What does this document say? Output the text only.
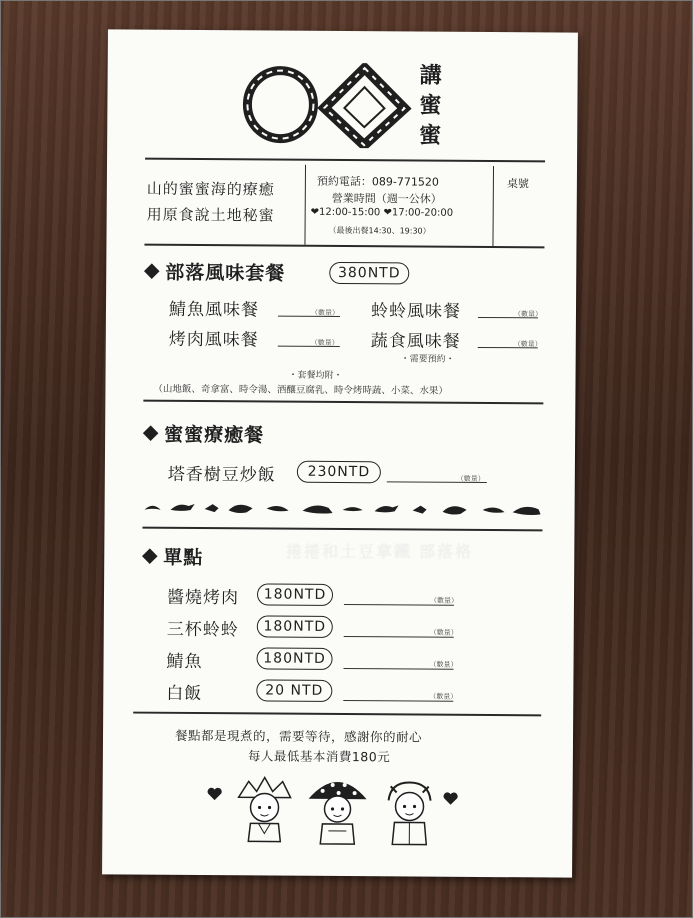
講蜜蜜
山的蜜蜜海的療癒
用原食說土地秘蜜
預約電話：089-771520
營業時間（週一公休）
❤12:00-15:00 ❤17:00-20:00
（最後出餐14:30、19:30）
桌號
部落風味套餐	380NTD
鯖魚風味餐	（數量） 蛉蛉風味餐	（數量）
烤肉風味餐	（數量） 蔬食風味餐	（數量）
・需要預約・
・套餐均附・
（山地飯、奇拿富、時令湯、酒釀豆腐乳、時令烤時蔬、小菜、水果）
蜜蜜療癒餐
塔香樹豆炒飯	230NTD	（數量）
單點
醬燒烤肉	180NTD	（數量）
三杯蛉蛉	180NTD	（數量）
鯖魚	180NTD	（數量）
白飯	20 NTD	（數量）
餐點都是現煮的，需要等待，感謝你的耐心
每人最低基本消費180元
捲捲和土豆拿鐵 部落格
